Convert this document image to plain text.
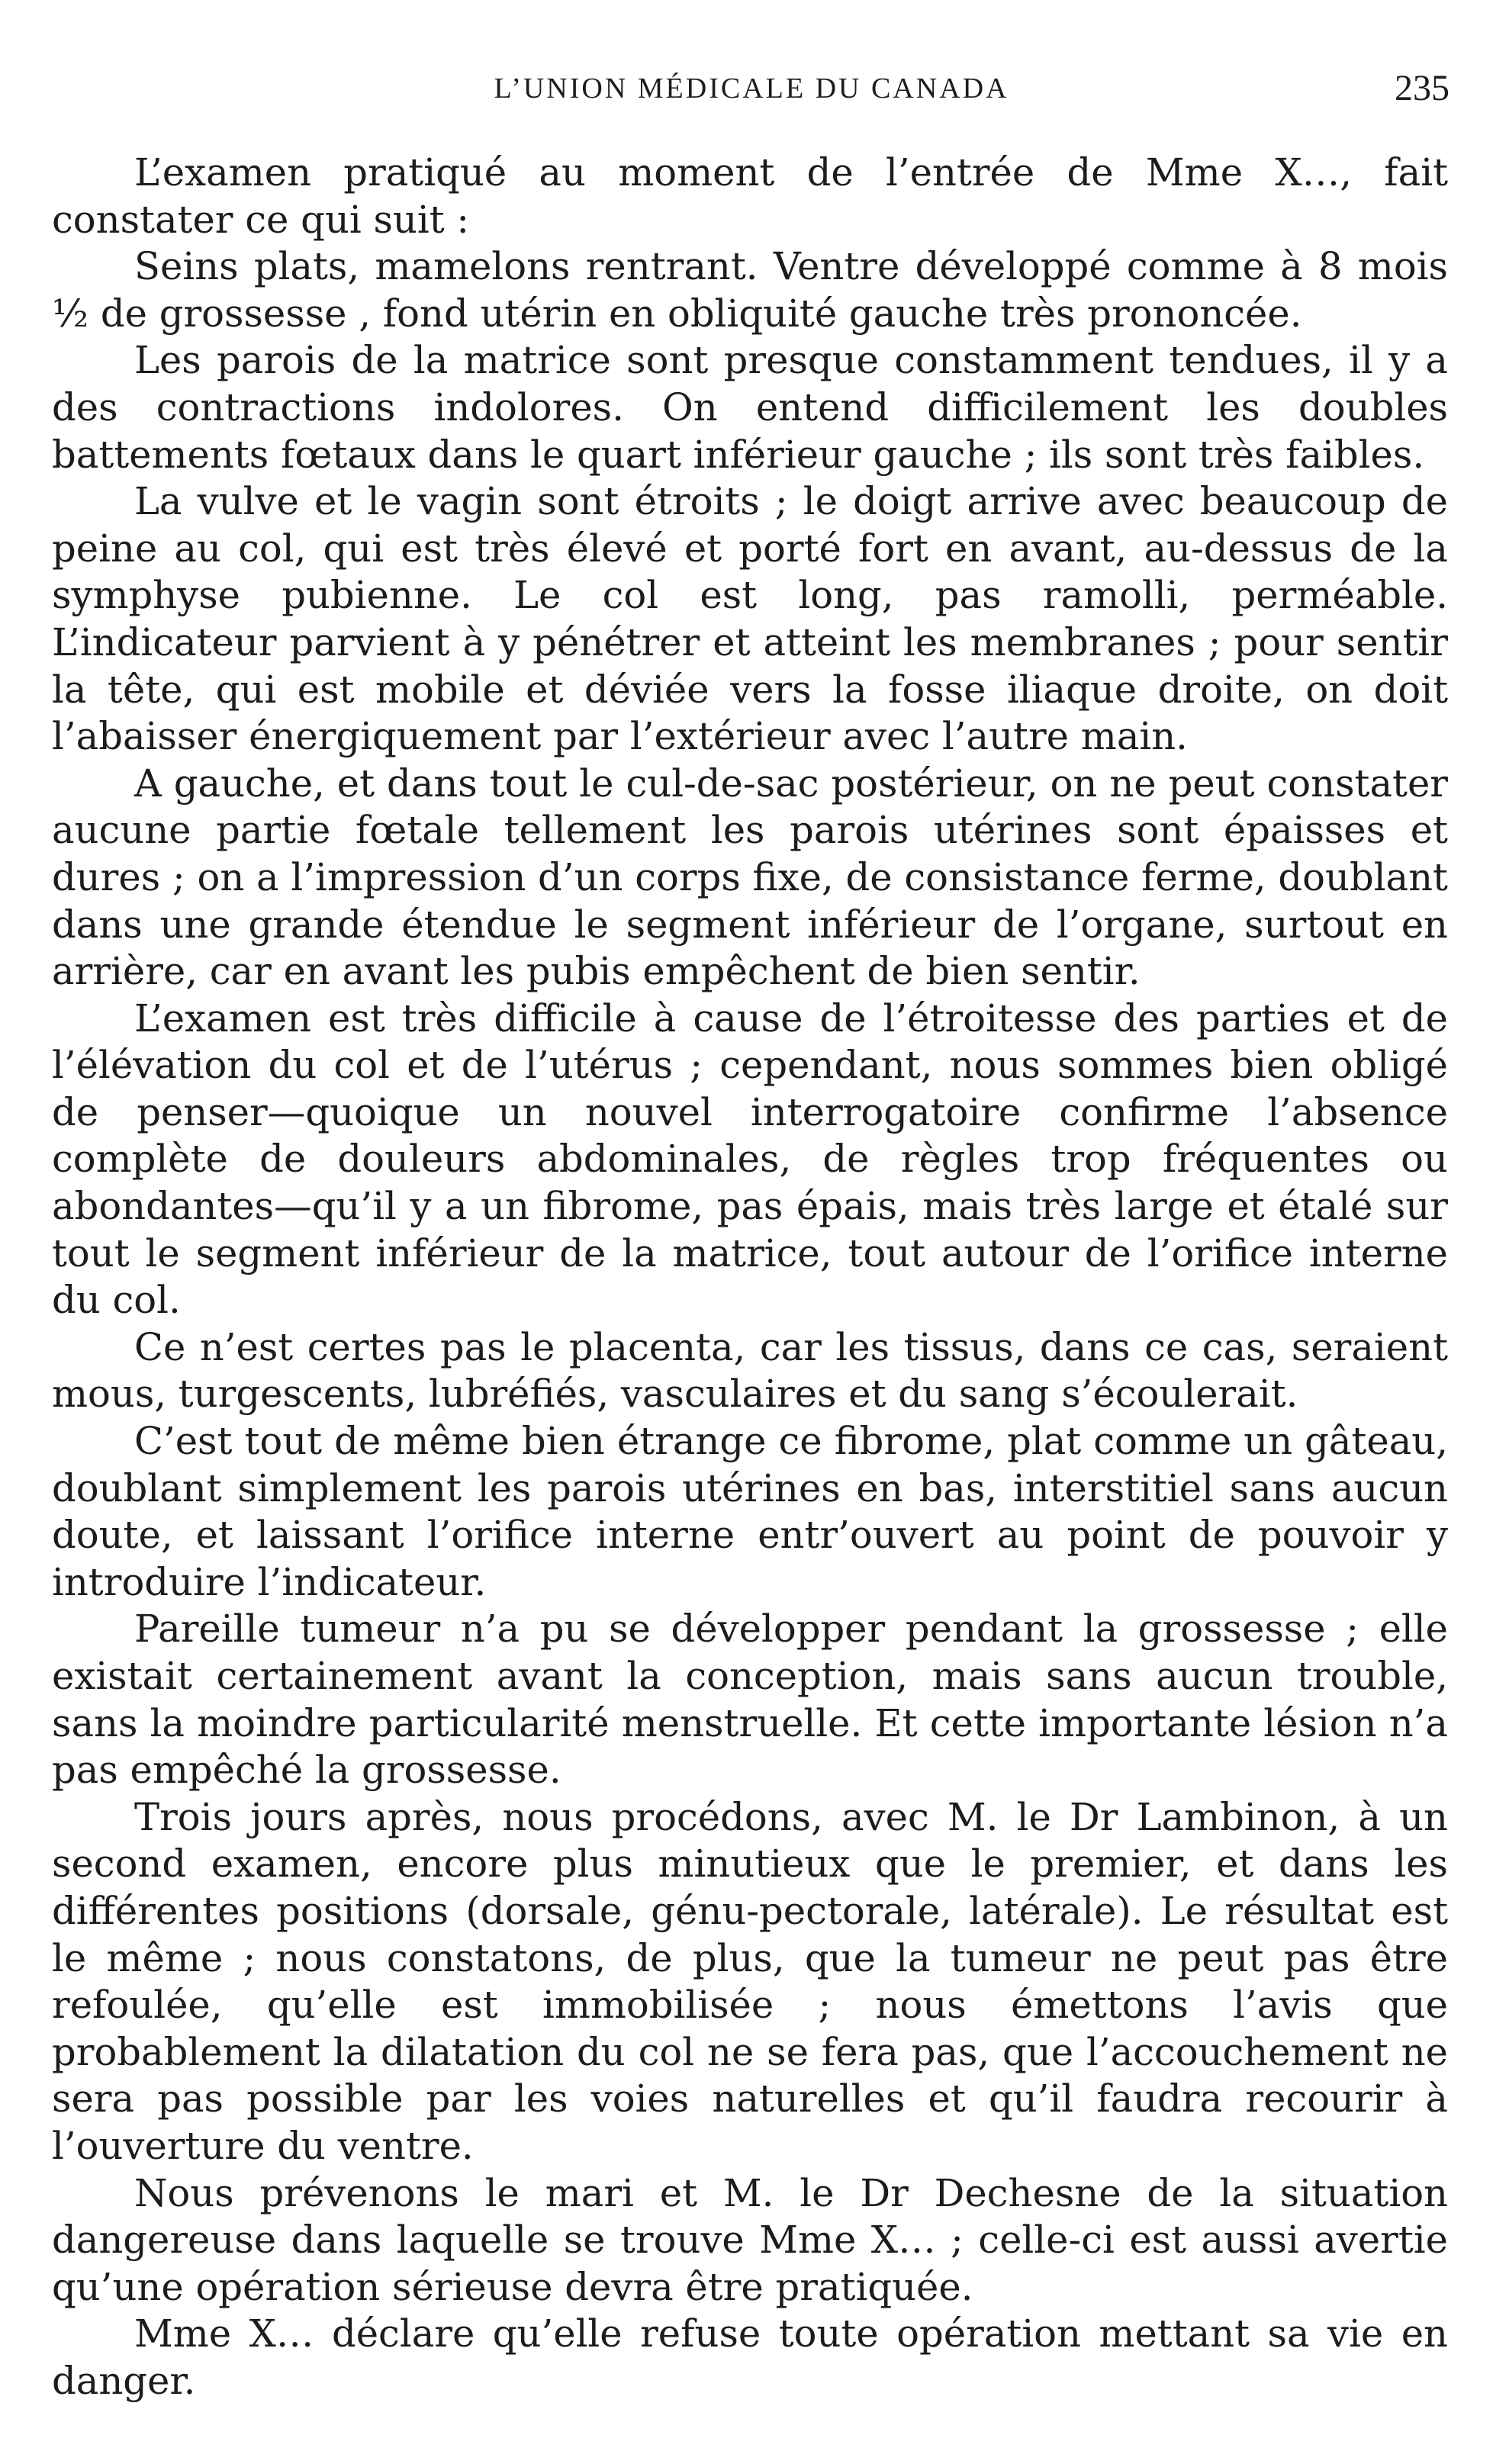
L’UNION MÉDICALE DU CANADA	235

L’examen pratiqué au moment de l’entrée de Mme X…, fait constater ce qui suit :

Seins plats, mamelons rentrant. Ventre développé comme à 8 mois ½ de grossesse , fond utérin en obliquité gauche très prononcée.

Les parois de la matrice sont presque constamment tendues, il y a des contractions indolores. On entend difficilement les doubles battements fœtaux dans le quart inférieur gauche ; ils sont très faibles.

La vulve et le vagin sont étroits ; le doigt arrive avec beaucoup de peine au col, qui est très élevé et porté fort en avant, au-dessus de la symphyse pubienne. Le col est long, pas ramolli, perméable. L’indicateur parvient à y pénétrer et atteint les membranes ; pour sentir la tête, qui est mobile et déviée vers la fosse iliaque droite, on doit l’abaisser énergiquement par l’extérieur avec l’autre main.

A gauche, et dans tout le cul-de-sac postérieur, on ne peut constater aucune partie fœtale tellement les parois utérines sont épaisses et dures ; on a l’impression d’un corps fixe, de consistance ferme, doublant dans une grande étendue le segment inférieur de l’organe, surtout en arrière, car en avant les pubis empêchent de bien sentir.

L’examen est très difficile à cause de l’étroitesse des parties et de l’élévation du col et de l’utérus ; cependant, nous sommes bien obligé de penser—quoique un nouvel interrogatoire confirme l’absence complète de douleurs abdominales, de règles trop fréquentes ou abondantes—qu’il y a un fibrome, pas épais, mais très large et étalé sur tout le segment inférieur de la matrice, tout autour de l’orifice interne du col.

Ce n’est certes pas le placenta, car les tissus, dans ce cas, seraient mous, turgescents, lubréfiés, vasculaires et du sang s’écoulerait.

C’est tout de même bien étrange ce fibrome, plat comme un gâteau, doublant simplement les parois utérines en bas, interstitiel sans aucun doute, et laissant l’orifice interne entr’ouvert au point de pouvoir y introduire l’indicateur.

Pareille tumeur n’a pu se développer pendant la grossesse ; elle existait certainement avant la conception, mais sans aucun trouble, sans la moindre particularité menstruelle. Et cette importante lésion n’a pas empêché la grossesse.

Trois jours après, nous procédons, avec M. le Dr Lambinon, à un second examen, encore plus minutieux que le premier, et dans les différentes positions (dorsale, génu-pectorale, latérale). Le résultat est le même ; nous constatons, de plus, que la tumeur ne peut pas être refoulée, qu’elle est immobilisée ; nous émettons l’avis que probablement la dilatation du col ne se fera pas, que l’accouchement ne sera pas possible par les voies naturelles et qu’il faudra recourir à l’ouverture du ventre.

Nous prévenons le mari et M. le Dr Dechesne de la situation dangereuse dans laquelle se trouve Mme X… ; celle-ci est aussi avertie qu’une opération sérieuse devra être pratiquée.

Mme X… déclare qu’elle refuse toute opération mettant sa vie en danger.
